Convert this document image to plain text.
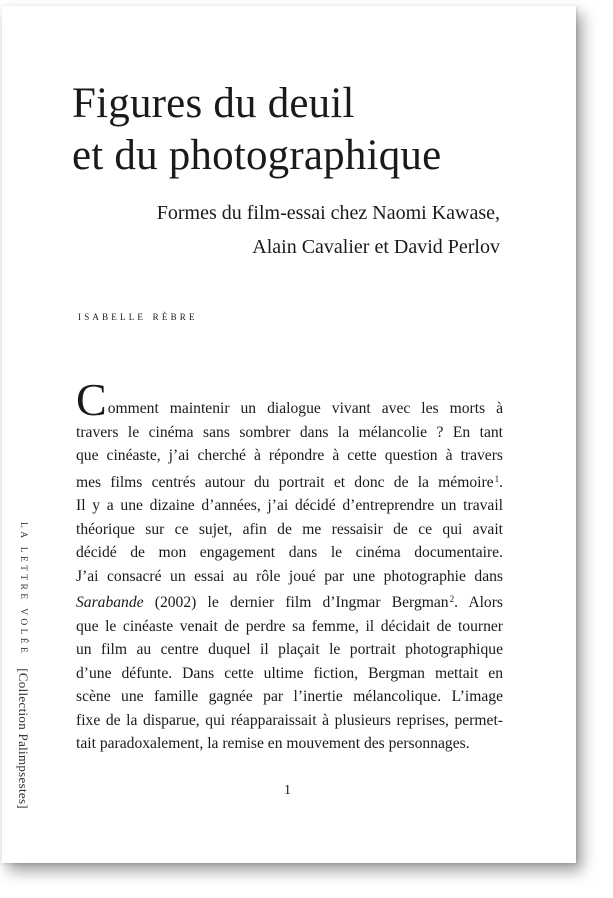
Figures du deuil
et du photographique
Formes du film-essai chez Naomi Kawase,
Alain Cavalier et David Perlov
isabelle rèbre
Comment maintenir un dialogue vivant avec les morts à
travers le cinéma sans sombrer dans la mélancolie ? En tant
que cinéaste, j’ai cherché à répondre à cette question à travers
mes films centrés autour du portrait et donc de la mémoire$^1$.
Il y a une dizaine d’années, j’ai décidé d’entreprendre un travail
théorique sur ce sujet, afin de me ressaisir de ce qui avait
décidé de mon engagement dans le cinéma documentaire.
J’ai consacré un essai au rôle joué par une photographie dans
Sarabande (2002) le dernier film d’Ingmar Bergman$^2$. Alors
que le cinéaste venait de perdre sa femme, il décidait de tourner
un film au centre duquel il plaçait le portrait photographique
d’une défunte. Dans cette ultime fiction, Bergman mettait en
scène une famille gagnée par l’inertie mélancolique. L’image
fixe de la disparue, qui réapparaissait à plusieurs reprises, permet-
tait paradoxalement, la remise en mouvement des personnages.
1
LA LETTRE VOLÉE[Collection Palimpsestes]
